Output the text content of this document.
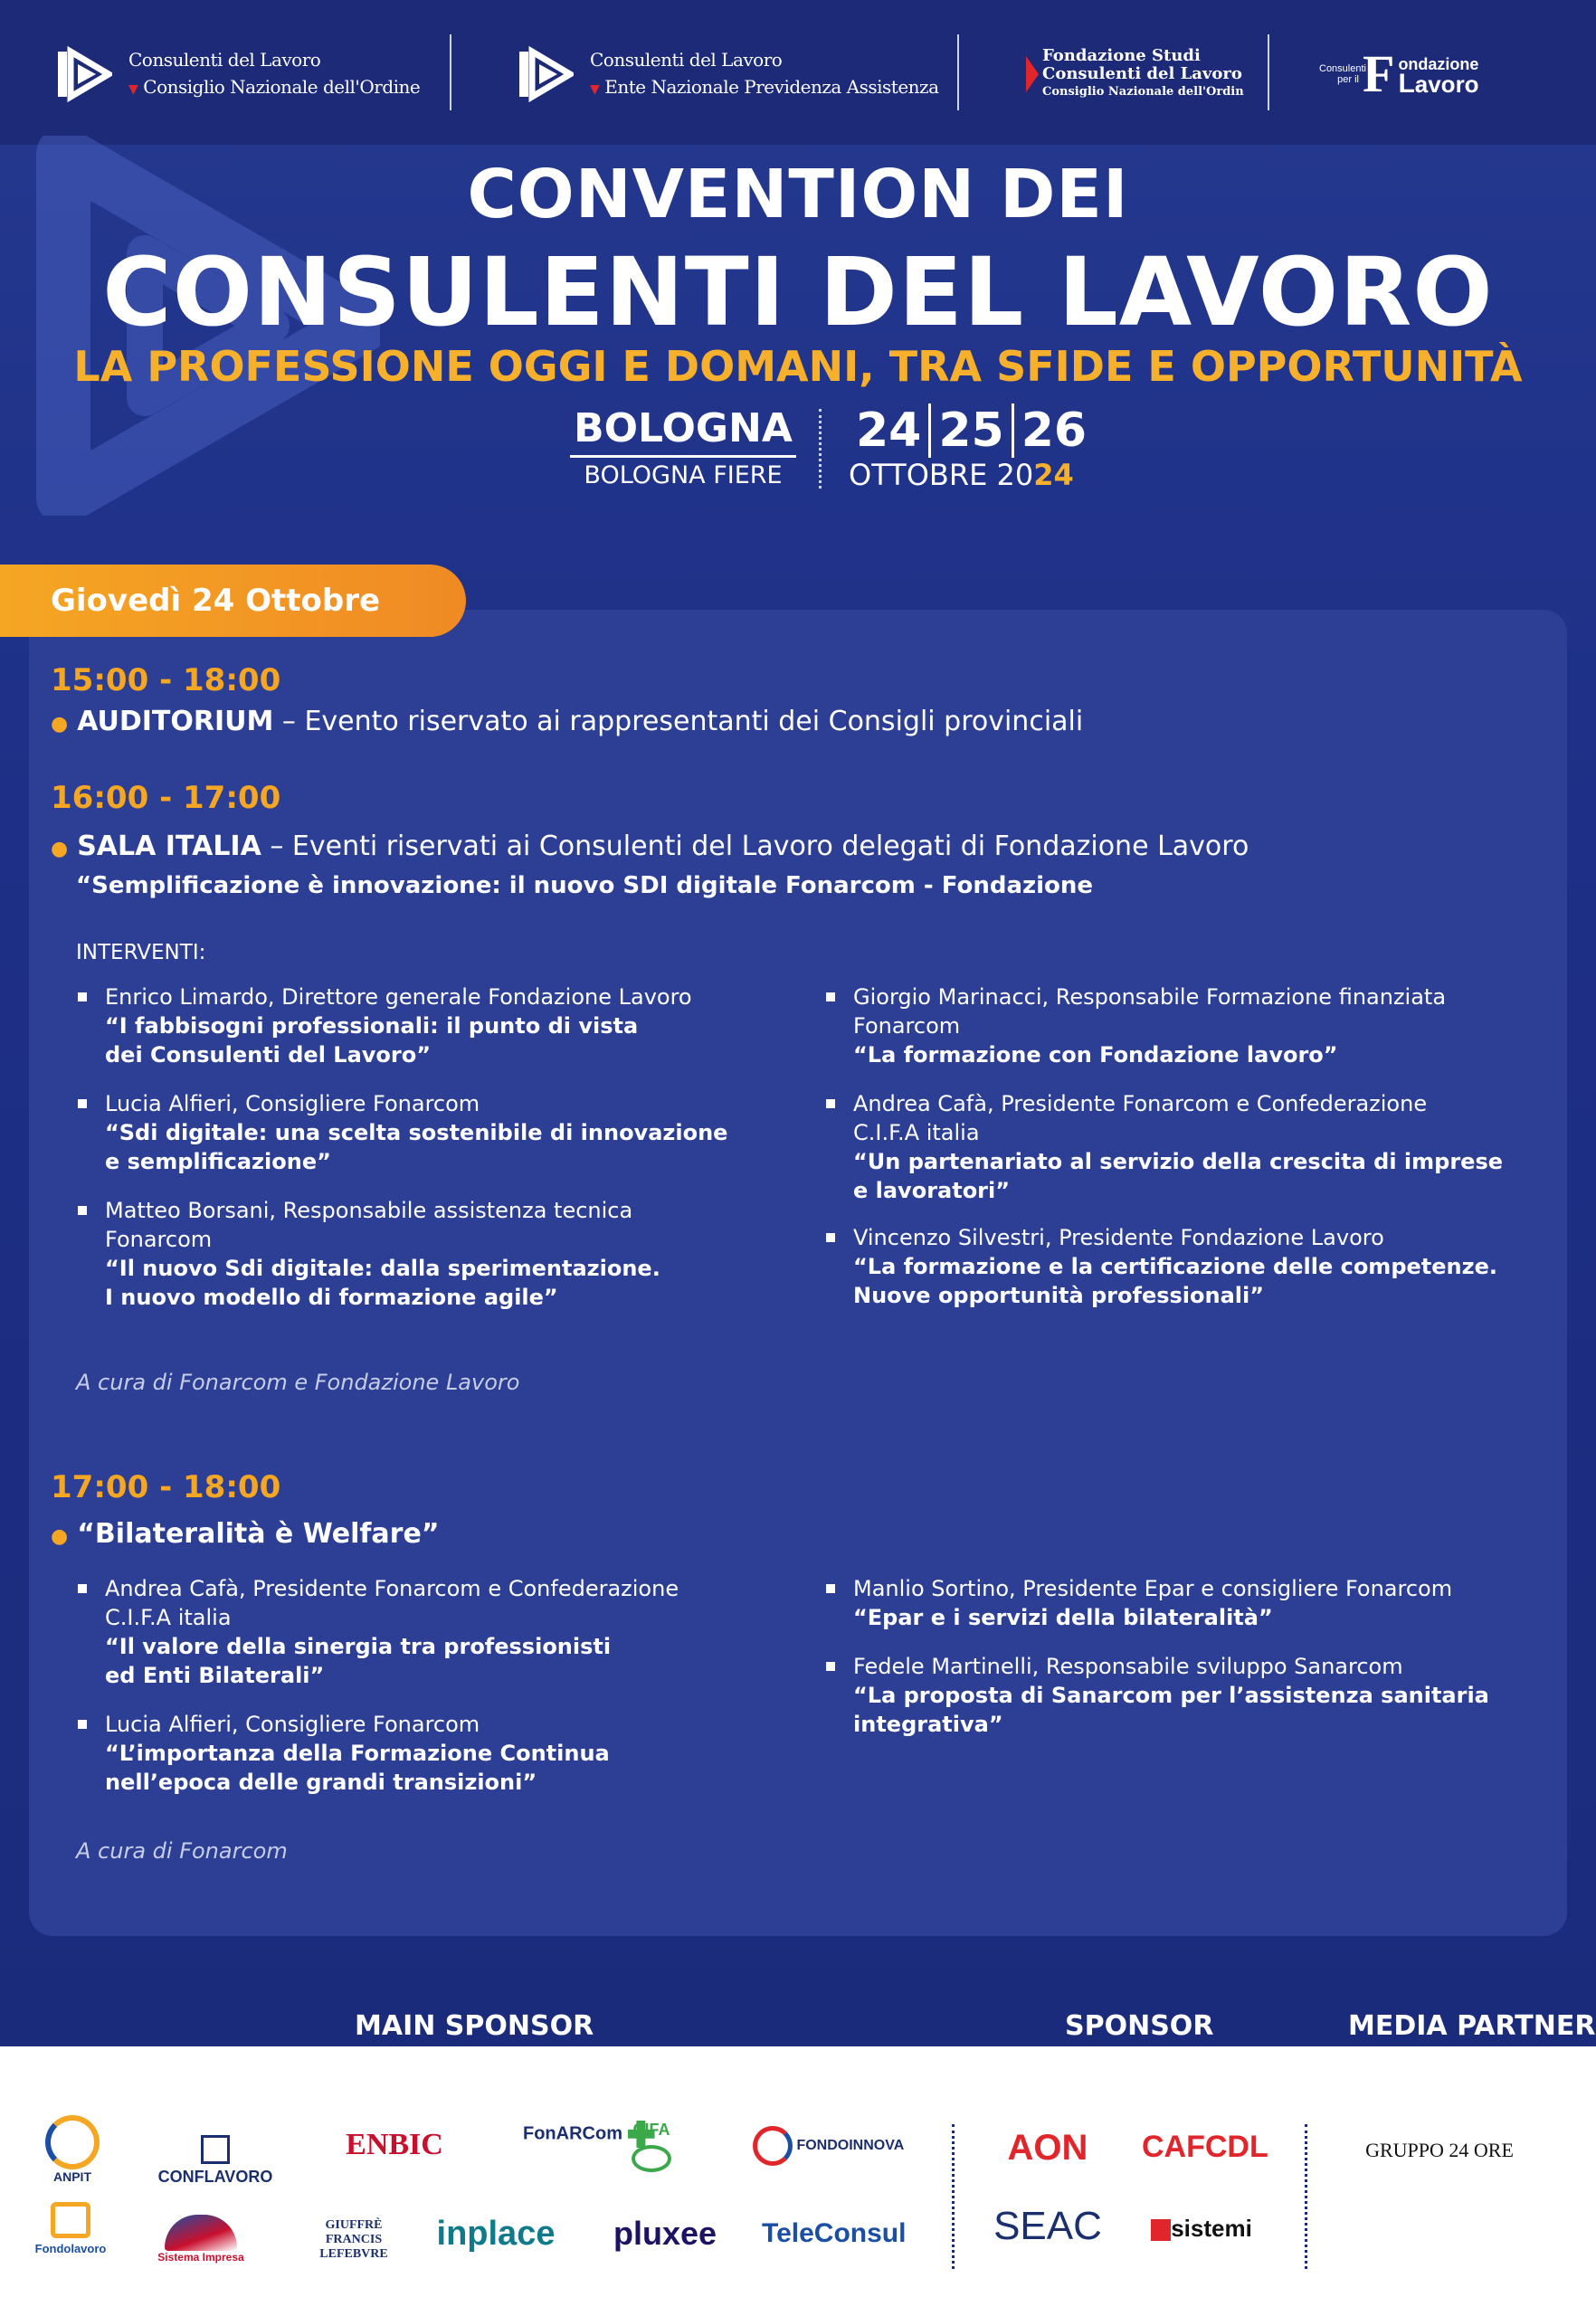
Consulenti del Lavoro
▼ Consiglio Nazionale dell'Ordine
Consulenti del Lavoro
▼ Ente Nazionale Previdenza Assistenza
Fondazione Studi
Consulenti del Lavoro
Consiglio Nazionale dell'Ordin
Consulenti per il F ondazione
L avoro
CONVENTION DEI
CONSULENTI DEL LAVORO
LA PROFESSIONE OGGI E DOMANI, TRA SFIDE E OPPORTUNITÀ
BOLOGNA
BOLOGNA FIERE
24 25 26
OTTOBRE 2024
Giovedì 24 Ottobre
15:00 - 18:00
● AUDITORIUM – Evento riservato ai rappresentanti dei Consigli provinciali
16:00 - 17:00
● SALA ITALIA – Eventi riservati ai Consulenti del Lavoro delegati di Fondazione Lavoro
“Semplificazione è innovazione: il nuovo SDI digitale Fonarcom - Fondazione
INTERVENTI:
Enrico Limardo, Direttore generale Fondazione Lavoro
“I fabbisogni professionali: il punto di vista
dei Consulenti del Lavoro”
Lucia Alfieri, Consigliere Fonarcom
“Sdi digitale: una scelta sostenibile di innovazione
e semplificazione”
Matteo Borsani, Responsabile assistenza tecnica
Fonarcom
“Il nuovo Sdi digitale: dalla sperimentazione.
I nuovo modello di formazione agile”
Giorgio Marinacci, Responsabile Formazione finanziata
Fonarcom
“La formazione con Fondazione lavoro”
Andrea Cafà, Presidente Fonarcom e Confederazione
C.I.F.A italia
“Un partenariato al servizio della crescita di imprese
e lavoratori”
Vincenzo Silvestri, Presidente Fondazione Lavoro
“La formazione e la certificazione delle competenze.
Nuove opportunità professionali”
A cura di Fonarcom e Fondazione Lavoro
17:00 - 18:00
● “Bilateralità è Welfare”
Andrea Cafà, Presidente Fonarcom e Confederazione
C.I.F.A italia
“Il valore della sinergia tra professionisti
ed Enti Bilaterali”
Lucia Alfieri, Consigliere Fonarcom
“L’importanza della Formazione Continua
nell’epoca delle grandi transizioni”
Manlio Sortino, Presidente Epar e consigliere Fonarcom
“Epar e i servizi della bilateralità”
Fedele Martinelli, Responsabile sviluppo Sanarcom
“La proposta di Sanarcom per l’assistenza sanitaria
integrativa”
A cura di Fonarcom
MAIN SPONSOR	SPONSOR	MEDIA PARTNER
ANPIT	CONFLAVORO
ENBIC	FonARCom CIFA
FONDOINNOVA
Fondolavoro
Sistema Impresa
GIUFFRÈ FRANCIS LEFEBVRE
inplace pluxee TeleConsul
AON CAFCDL
SEAC	sistemi
GRUPPO 24 ORE
